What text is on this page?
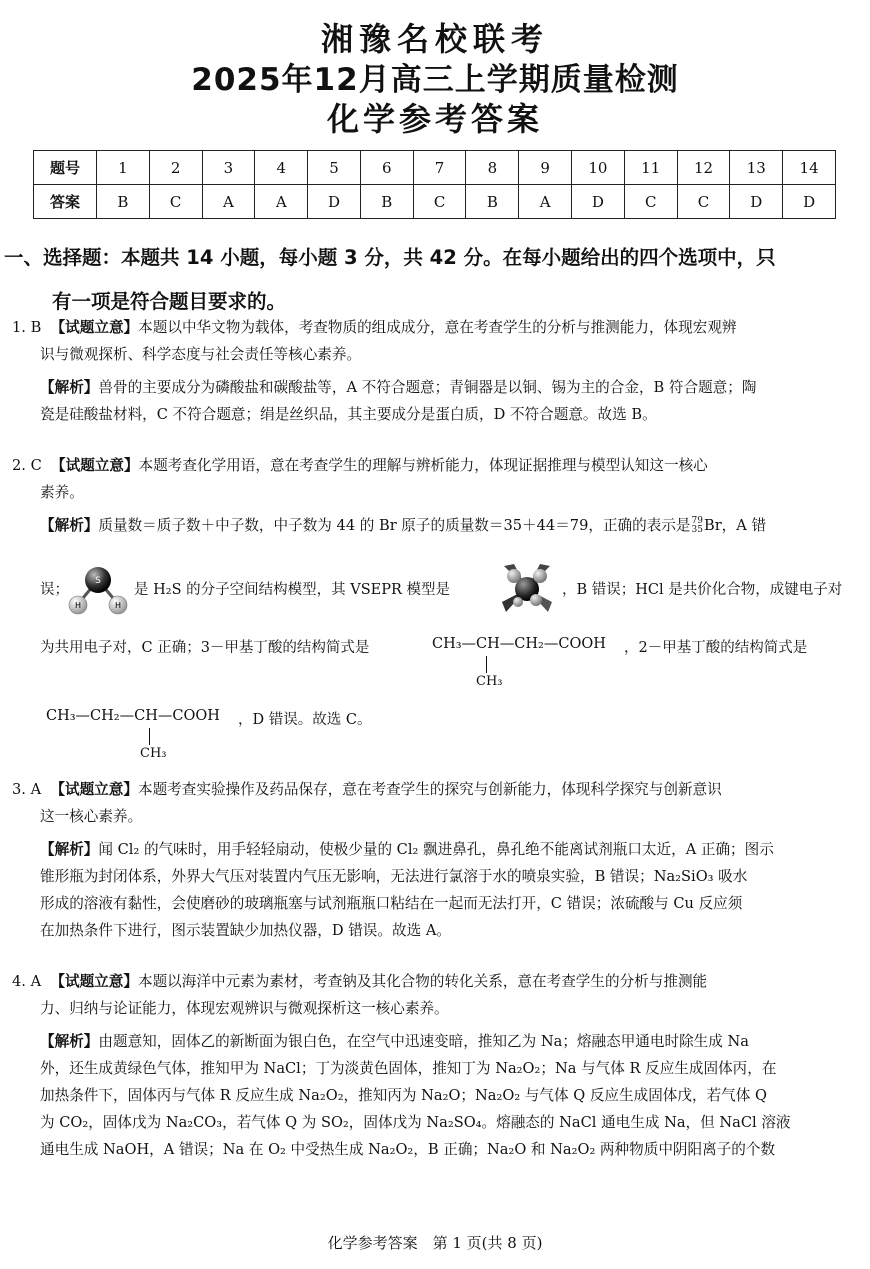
湘豫名校联考
2025年12月高三上学期质量检测
化学参考答案
题号	1	2	3	4	5	6	7	8	9	10	11	12	13	14
答案	B	C	A	A	D	B	C	B	A	D	C	C	D	D
一、选择题：本题共 14 小题，每小题 3 分，共 42 分。在每小题给出的四个选项中，只
有一项是符合题目要求的。
1. B 【试题立意】本题以中华文物为载体，考查物质的组成成分，意在考查学生的分析与推测能力，体现宏观辨
识与微观探析、科学态度与社会责任等核心素养。
【解析】兽骨的主要成分为磷酸盐和碳酸盐等，A 不符合题意；青铜器是以铜、锡为主的合金，B 符合题意；陶
瓷是硅酸盐材料，C 不符合题意；绢是丝织品，其主要成分是蛋白质，D 不符合题意。故选 B。
2. C 【试题立意】本题考查化学用语，意在考查学生的理解与辨析能力，体现证据推理与模型认知这一核心
素养。
【解析】质量数＝质子数＋中子数，中子数为 44 的 Br 原子的质量数＝35＋44＝79，正确的表示是 79
35 Br，A 错
误；
S
H	H
是 H₂S 的分子空间结构模型，其 VSEPR 模型是	，B 错误；HCl 是共价化合物，成键电子对
为共用电子对，C 正确；3－甲基丁酸的结构简式是	CH₃—CH—CH₂—COOH
CH₃
，2－甲基丁酸的结构简式是
CH₃—CH₂—CH—COOH
CH₃
，D 错误。故选 C。
3. A 【试题立意】本题考查实验操作及药品保存，意在考查学生的探究与创新能力，体现科学探究与创新意识
这一核心素养。
【解析】闻 Cl₂ 的气味时，用手轻轻扇动，使极少量的 Cl₂ 飘进鼻孔，鼻孔绝不能离试剂瓶口太近，A 正确；图示
锥形瓶为封闭体系，外界大气压对装置内气压无影响，无法进行氯溶于水的喷泉实验，B 错误；Na₂SiO₃ 吸水
形成的溶液有黏性，会使磨砂的玻璃瓶塞与试剂瓶瓶口粘结在一起而无法打开，C 错误；浓硫酸与 Cu 反应须
在加热条件下进行，图示装置缺少加热仪器，D 错误。故选 A。
4. A 【试题立意】本题以海洋中元素为素材，考查钠及其化合物的转化关系，意在考查学生的分析与推测能
力、归纳与论证能力，体现宏观辨识与微观探析这一核心素养。
【解析】由题意知，固体乙的新断面为银白色，在空气中迅速变暗，推知乙为 Na；熔融态甲通电时除生成 Na
外，还生成黄绿色气体，推知甲为 NaCl；丁为淡黄色固体，推知丁为 Na₂O₂；Na 与气体 R 反应生成固体丙，在
加热条件下，固体丙与气体 R 反应生成 Na₂O₂，推知丙为 Na₂O；Na₂O₂ 与气体 Q 反应生成固体戊，若气体 Q
为 CO₂，固体戊为 Na₂CO₃，若气体 Q 为 SO₂，固体戊为 Na₂SO₄。熔融态的 NaCl 通电生成 Na，但 NaCl 溶液
通电生成 NaOH，A 错误；Na 在 O₂ 中受热生成 Na₂O₂，B 正确；Na₂O 和 Na₂O₂ 两种物质中阴阳离子的个数
化学参考答案　第 1 页(共 8 页)
